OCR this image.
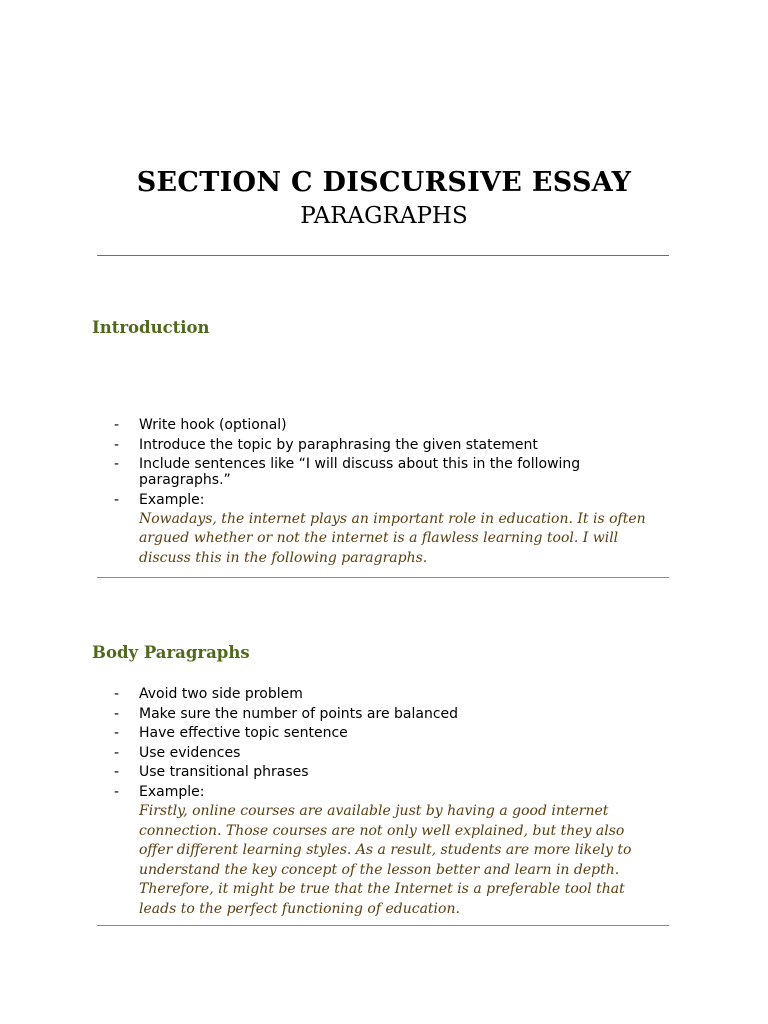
SECTION C DISCURSIVE ESSAY
PARAGRAPHS
Introduction
- Write hook (optional)
- Introduce the topic by paraphrasing the given statement
- Include sentences like “I will discuss about this in the following paragraphs.”
- Example:
Nowadays, the internet plays an important role in education. It is often argued whether or not the internet is a flawless learning tool. I will discuss this in the following paragraphs.
Body Paragraphs
- Avoid two side problem
- Make sure the number of points are balanced
- Have effective topic sentence
- Use evidences
- Use transitional phrases
- Example:
Firstly, online courses are available just by having a good internet connection. Those courses are not only well explained, but they also offer different learning styles. As a result, students are more likely to understand the key concept of the lesson better and learn in depth. Therefore, it might be true that the Internet is a preferable tool that leads to the perfect functioning of education.
